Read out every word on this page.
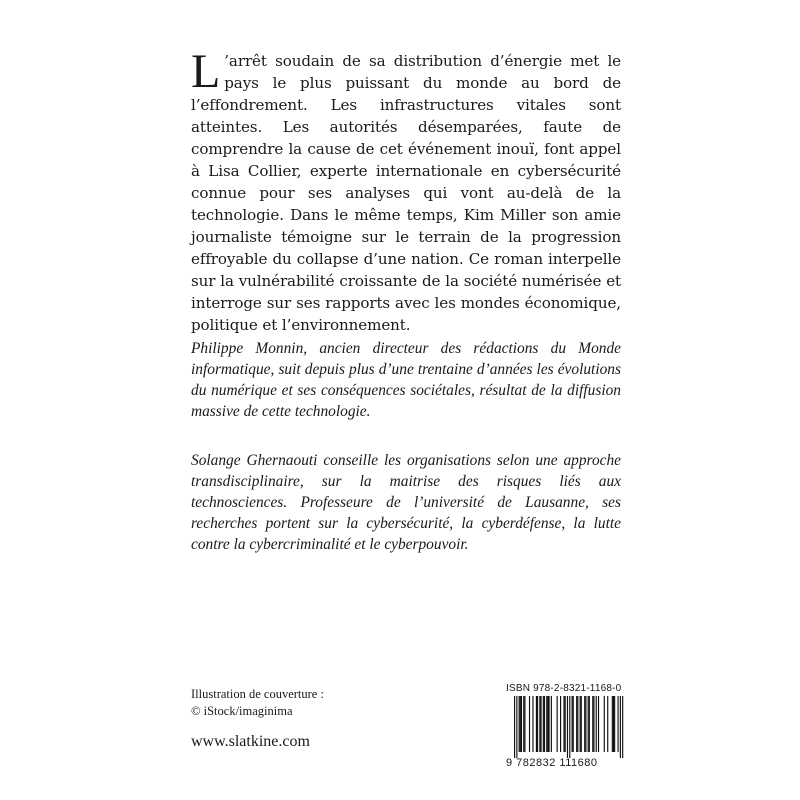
L ’arrêt soudain de sa distribution d’énergie met le pays le plus puissant du monde au bord de l’effondrement. Les infrastructures vitales sont atteintes. Les autorités désemparées, faute de comprendre la cause de cet événement inouï, font appel à Lisa Collier, experte internationale en cybersécurité connue pour ses analyses qui vont au-delà de la technologie. Dans le même temps, Kim Miller son amie journaliste témoigne sur le terrain de la progression effroyable du collapse d’une nation. Ce roman interpelle sur la vulnérabilité croissante de la société numérisée et interroge sur ses rapports avec les mondes économique, politique et l’environnement.
Philippe Monnin, ancien directeur des rédactions du Monde informatique, suit depuis plus d’une trentaine d’années les évolutions du numérique et ses conséquences sociétales, résultat de la diffusion massive de cette technologie.
Solange Ghernaouti conseille les organisations selon une approche transdisciplinaire, sur la maitrise des risques liés aux technosciences. Professeure de l’université de Lausanne, ses recherches portent sur la cybersécurité, la cyberdéfense, la lutte contre la cybercriminalité et le cyberpouvoir.
Illustration de couverture :
© iStock/imaginima
www.slatkine.com
ISBN 978-2-8321-1168-0
9 782832 111680
